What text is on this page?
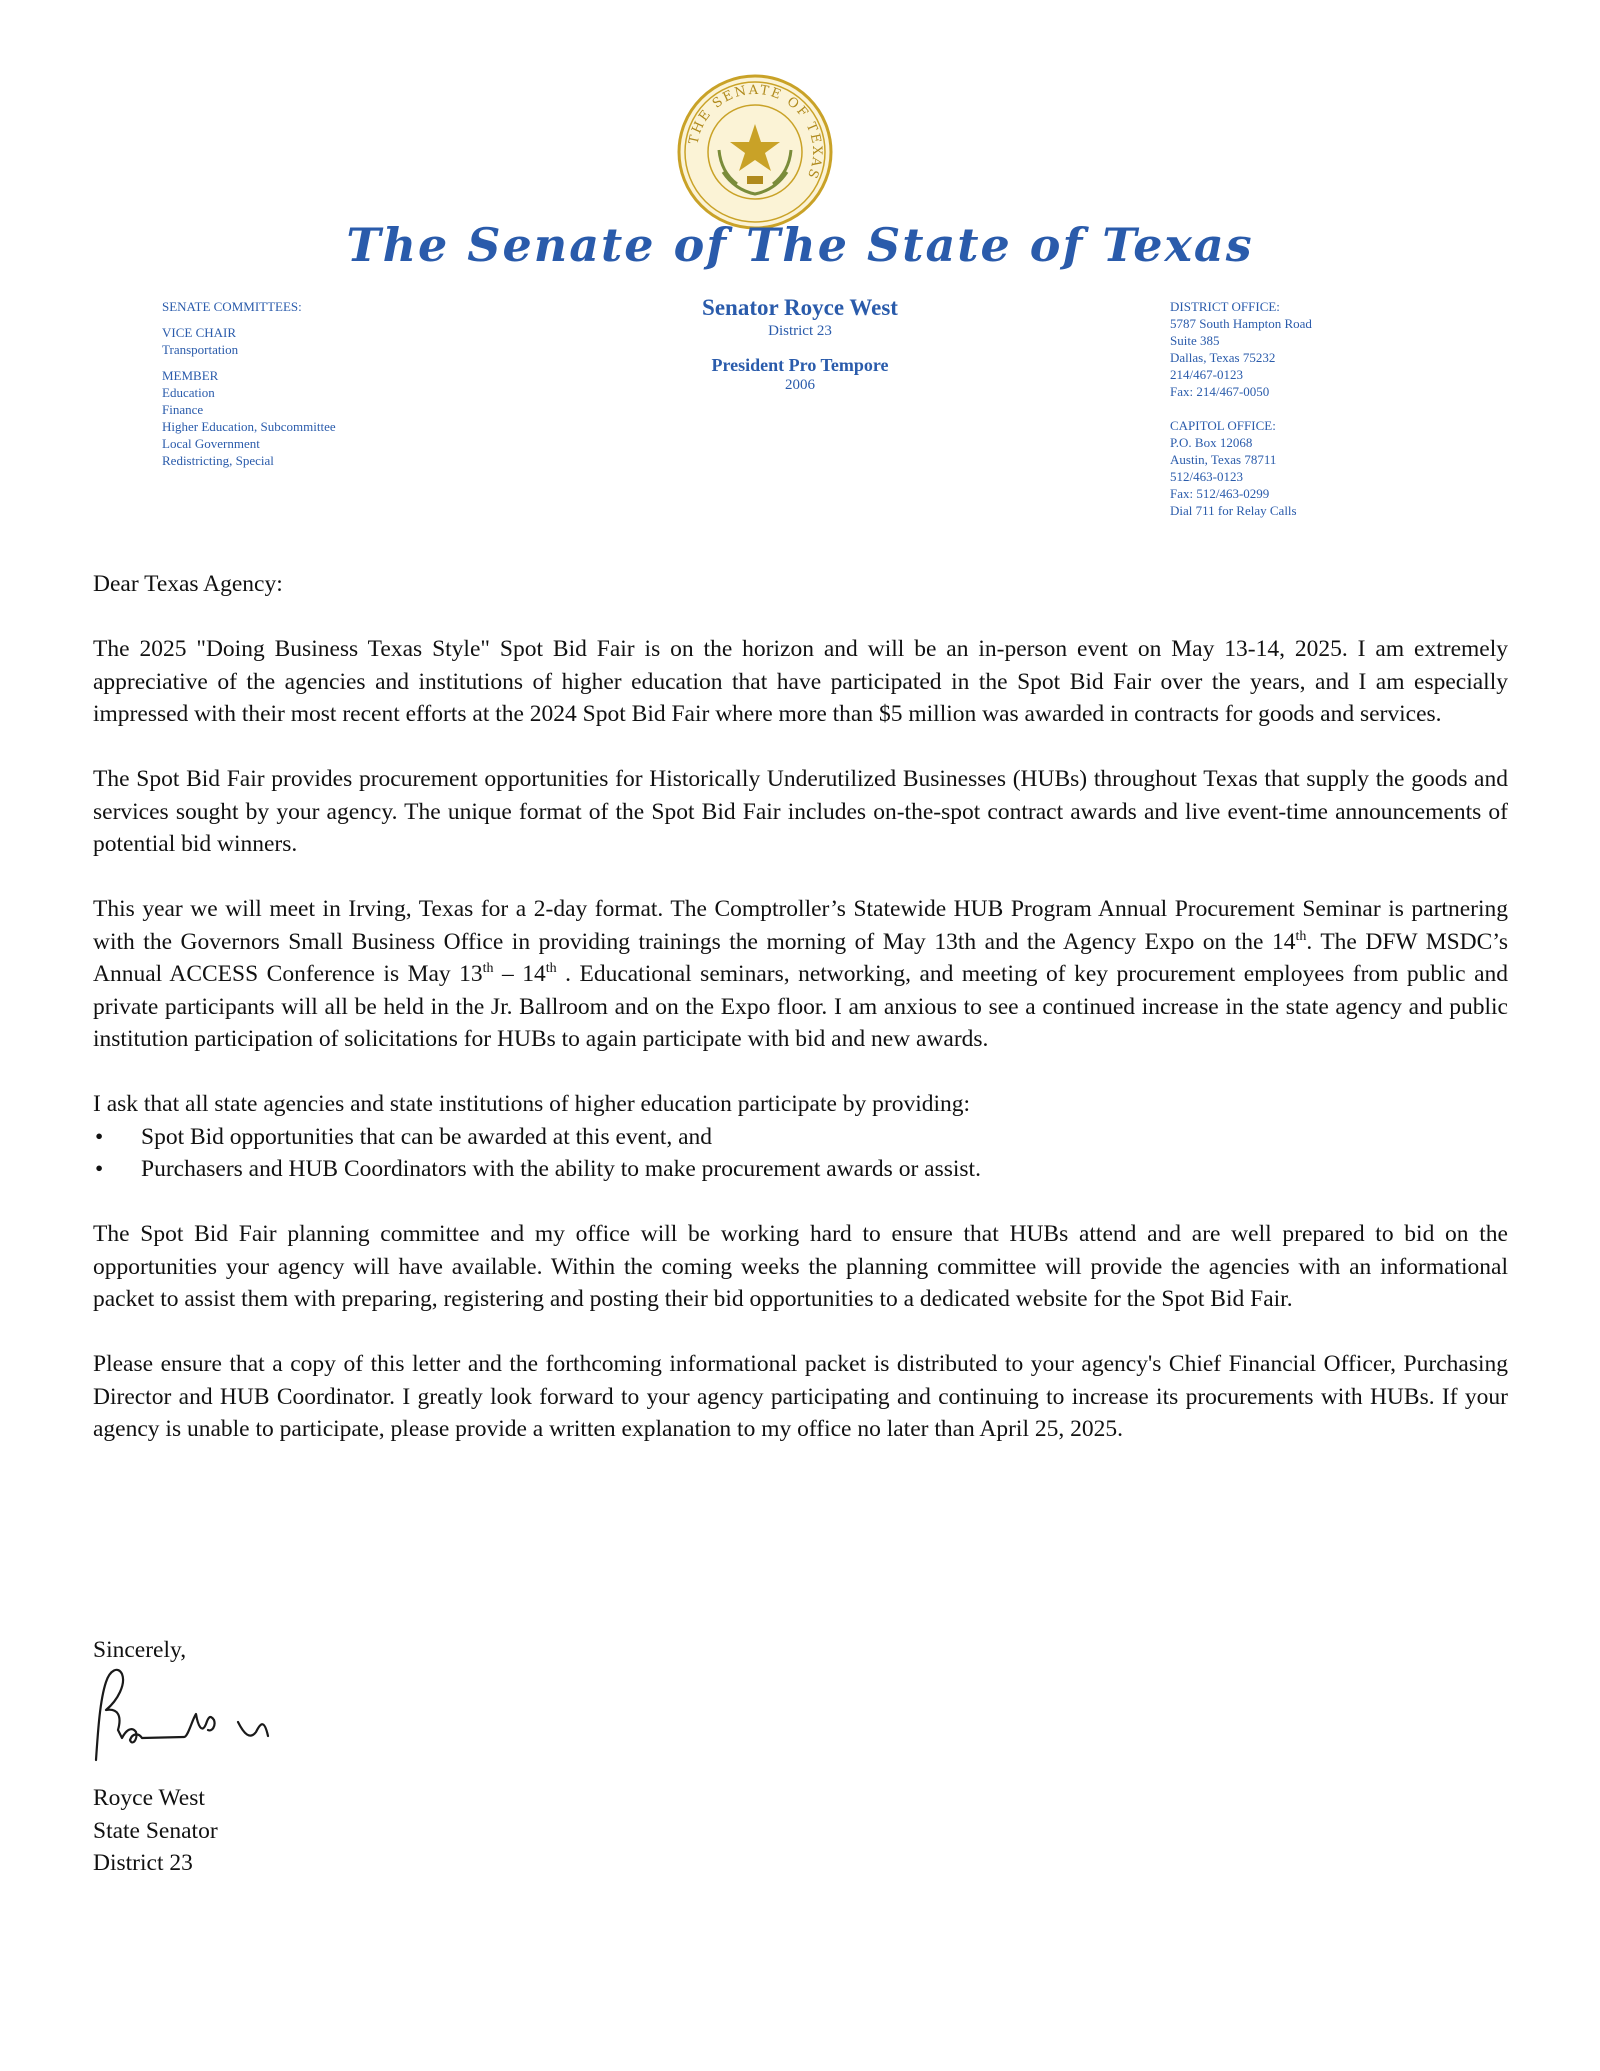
THE SENATE OF TEXAS
The Senate of The State of Texas
SENATE COMMITTEES:
VICE CHAIR
Transportation
MEMBER
Education
Finance
Higher Education, Subcommittee
Local Government
Redistricting, Special
Senator Royce West
District 23
President Pro Tempore
2006
DISTRICT OFFICE:
5787 South Hampton Road
Suite 385
Dallas, Texas 75232
214/467-0123
Fax: 214/467-0050
CAPITOL OFFICE:
P.O. Box 12068
Austin, Texas 78711
512/463-0123
Fax: 512/463-0299
Dial 711 for Relay Calls

Dear Texas Agency:

The 2025 "Doing Business Texas Style" Spot Bid Fair is on the horizon and will be an in-person event on May 13-14, 2025. I am extremely appreciative of the agencies and institutions of higher education that have participated in the Spot Bid Fair over the years, and I am especially impressed with their most recent efforts at the 2024 Spot Bid Fair where more than $5 million was awarded in contracts for goods and services.

The Spot Bid Fair provides procurement opportunities for Historically Underutilized Businesses (HUBs) throughout Texas that supply the goods and services sought by your agency. The unique format of the Spot Bid Fair includes on-the-spot contract awards and live event-time announcements of potential bid winners.

This year we will meet in Irving, Texas for a 2-day format. The Comptroller’s Statewide HUB Program Annual Procurement Seminar is partnering with the Governors Small Business Office in providing trainings the morning of May 13th and the Agency Expo on the 14th. The DFW MSDC’s Annual ACCESS Conference is May 13th – 14th . Educational seminars, networking, and meeting of key procurement employees from public and private participants will all be held in the Jr. Ballroom and on the Expo floor. I am anxious to see a continued increase in the state agency and public institution participation of solicitations for HUBs to again participate with bid and new awards.

I ask that all state agencies and state institutions of higher education participate by providing:

• Spot Bid opportunities that can be awarded at this event, and
• Purchasers and HUB Coordinators with the ability to make procurement awards or assist.

The Spot Bid Fair planning committee and my office will be working hard to ensure that HUBs attend and are well prepared to bid on the opportunities your agency will have available. Within the coming weeks the planning committee will provide the agencies with an informational packet to assist them with preparing, registering and posting their bid opportunities to a dedicated website for the Spot Bid Fair.

Please ensure that a copy of this letter and the forthcoming informational packet is distributed to your agency's Chief Financial Officer, Purchasing Director and HUB Coordinator. I greatly look forward to your agency participating and continuing to increase its procurements with HUBs. If your agency is unable to participate, please provide a written explanation to my office no later than April 25, 2025.

Sincerely,
Royce West
State Senator
District 23
